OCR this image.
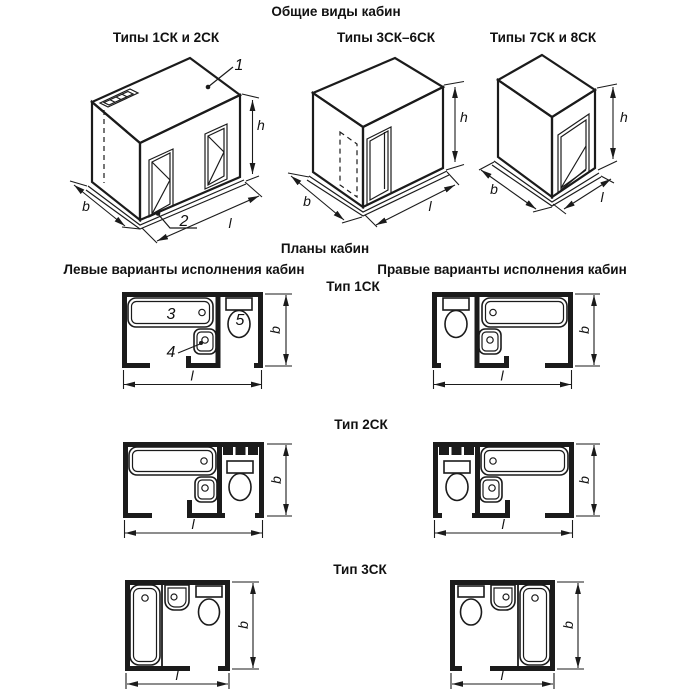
Общие виды кабин
Типы 1СК и 2СК	Типы 3СК–6СК	Типы 7СК и 8СК
Планы кабин
Левые варианты исполнения кабин	Правые варианты исполнения кабин
Тип 1СК
Тип 2СК
Тип 3СК
1
2
h
b
l
h
b	l
h
b	l
3
4
5
l
b
l
b
l
b
l
b
l
b
l
b
